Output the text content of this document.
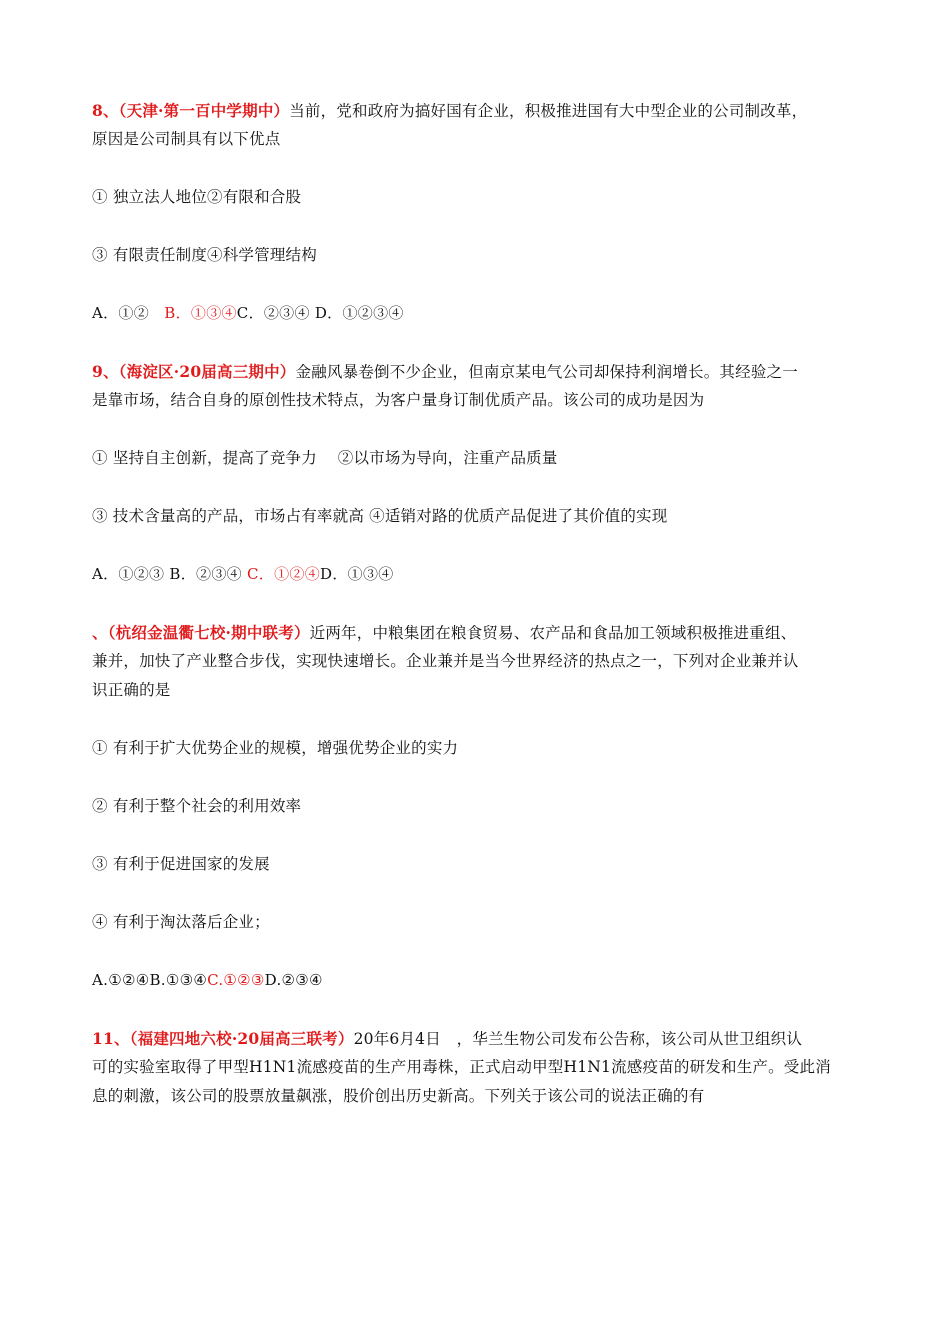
8、（天津·第一百中学期中）当前，党和政府为搞好国有企业，积极推进国有大中型企业的公司制改革，
原因是公司制具有以下优点
① 独立法人地位②有限和合股
③ 有限责任制度④科学管理结构
A．①② B．①③④C．②③④ D．①②③④
9、（海淀区·20届高三期中）金融风暴卷倒不少企业，但南京某电气公司却保持利润增长。其经验之一
是靠市场，结合自身的原创性技术特点，为客户量身订制优质产品。该公司的成功是因为
① 坚持自主创新，提高了竞争力　 ②以市场为导向，注重产品质量
③ 技术含量高的产品，市场占有率就高 ④适销对路的优质产品促进了其价值的实现
A．①②③ B．②③④ C．①②④D．①③④
、（杭绍金温衢七校·期中联考）近两年，中粮集团在粮食贸易、农产品和食品加工领域积极推进重组、
兼并，加快了产业整合步伐，实现快速增长。企业兼并是当今世界经济的热点之一，下列对企业兼并认
识正确的是
① 有利于扩大优势企业的规模，增强优势企业的实力
② 有利于整个社会的利用效率
③ 有利于促进国家的发展
④ 有利于淘汰落后企业；
A.①②④B.①③④C.①②③D.②③④
11、（福建四地六校·20届高三联考）20年6月4日　，华兰生物公司发布公告称，该公司从世卫组织认
可的实验室取得了甲型H1N1流感疫苗的生产用毒株，正式启动甲型H1N1流感疫苗的研发和生产。受此消
息的刺激，该公司的股票放量飙涨，股价创出历史新高。下列关于该公司的说法正确的有
